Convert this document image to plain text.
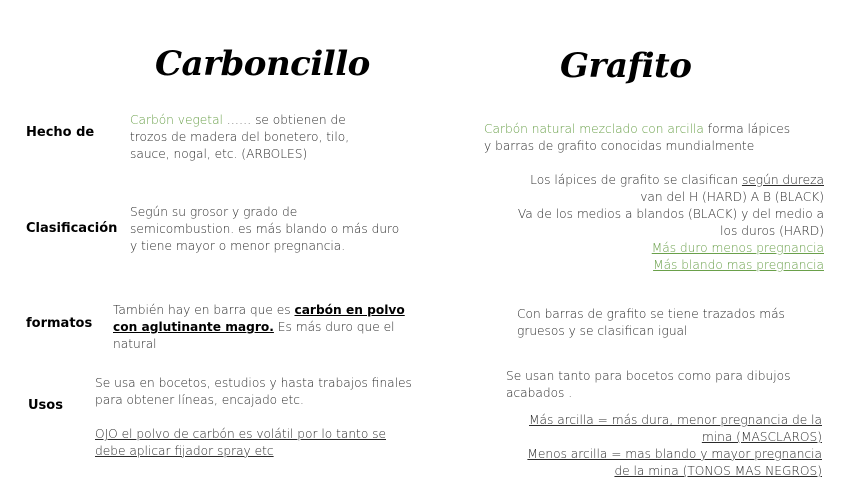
Carboncillo	Grafito
Hecho de
Clasificación
formatos
Usos
Carbón vegetal …… se obtienen de
trozos de madera del bonetero, tilo,
sauce, nogal, etc. (ARBOLES)
Según su grosor y grado de
semicombustion. es más blando o más duro
y tiene mayor o menor pregnancia.
También hay en barra que es carbón en polvo
con aglutinante magro. Es más duro que el
natural
Se usa en bocetos, estudios y hasta trabajos finales
para obtener líneas, encajado etc.
OJO el polvo de carbón es volátil por lo tanto se
debe aplicar fijador spray etc
Carbón natural mezclado con arcilla forma lápices
y barras de grafito conocidas mundialmente
Los lápices de grafito se clasifican según dureza
van del H (HARD) A B (BLACK)
Va de los medios a blandos (BLACK) y del medio a
los duros (HARD)
Más duro menos pregnancia
Más blando mas pregnancia
Con barras de grafito se tiene trazados más
gruesos y se clasifican igual
Se usan tanto para bocetos como para dibujos
acabados .
Más arcilla = más dura, menor pregnancia de la
mina (MASCLAROS)
Menos arcilla = mas blando y mayor pregnancia
de la mina (TONOS MAS NEGROS)
